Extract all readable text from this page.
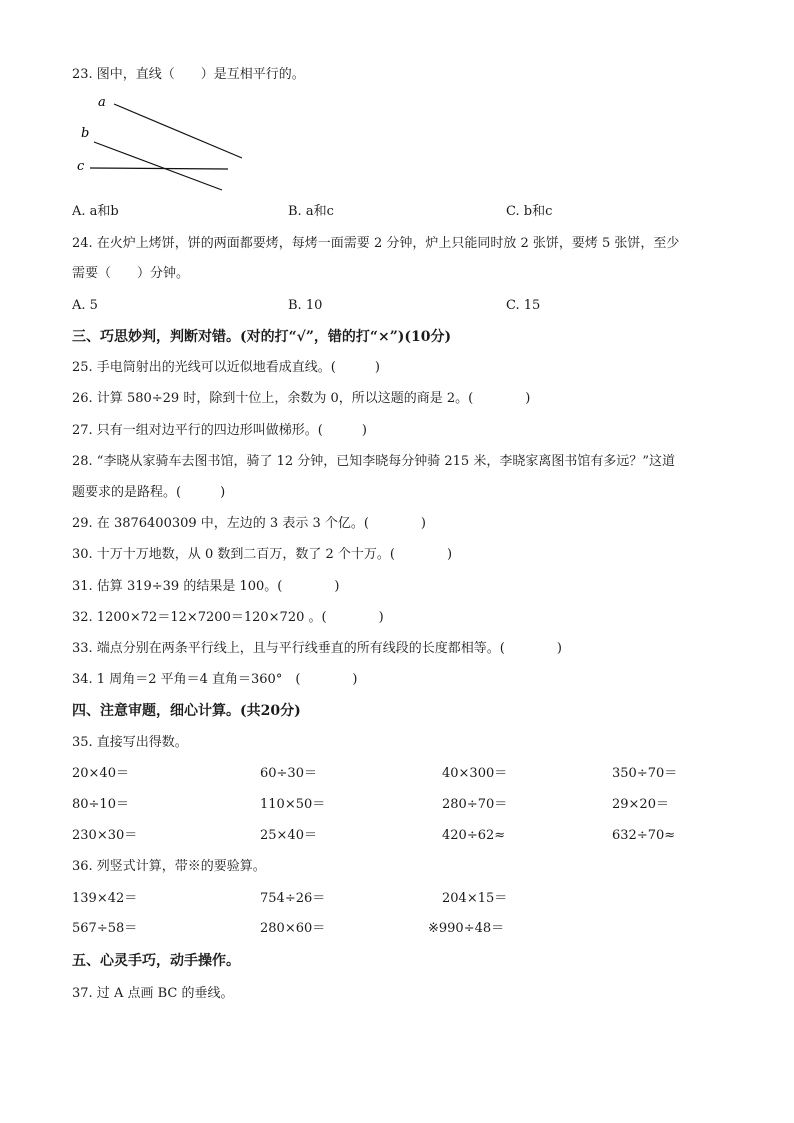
23. 图中，直线（　　）是互相平行的。
a
b
c
A. a和b	B. a和c	C. b和c
24. 在火炉上烤饼，饼的两面都要烤，每烤一面需要 2 分钟，炉上只能同时放 2 张饼，要烤 5 张饼，至少
需要（　　）分钟。
A. 5	B. 10	C. 15
三、巧思妙判，判断对错。(对的打“√”，错的打“×”)(10分)
25. 手电筒射出的光线可以近似地看成直线。(　　　)
26. 计算 580÷29 时，除到十位上，余数为 0，所以这题的商是 2。(　　　　)
27. 只有一组对边平行的四边形叫做梯形。(　　　)
28. “李晓从家骑车去图书馆，骑了 12 分钟，已知李晓每分钟骑 215 米，李晓家离图书馆有多远？”这道
题要求的是路程。(　　　)
29. 在 3876400309 中，左边的 3 表示 3 个亿。(　　　　)
30. 十万十万地数，从 0 数到二百万，数了 2 个十万。(　　　　)
31. 估算 319÷39 的结果是 100。(　　　　)
32. 1200×72＝12×7200＝120×720 。(　　　　)
33. 端点分别在两条平行线上，且与平行线垂直的所有线段的长度都相等。(　　　　)
34. 1 周角＝2 平角＝4 直角＝360°　(　　　　)
四、注意审题，细心计算。(共20分)
35. 直接写出得数。
20×40＝	60÷30＝	40×300＝	350÷70＝
80÷10＝	110×50＝	280÷70＝	29×20＝
230×30＝	25×40＝	420÷62≈	632÷70≈
36. 列竖式计算，带※的要验算。
139×42＝	754÷26＝	204×15＝
567÷58＝	280×60＝	※990÷48＝
五、心灵手巧，动手操作。
37. 过 A 点画 BC 的垂线。
